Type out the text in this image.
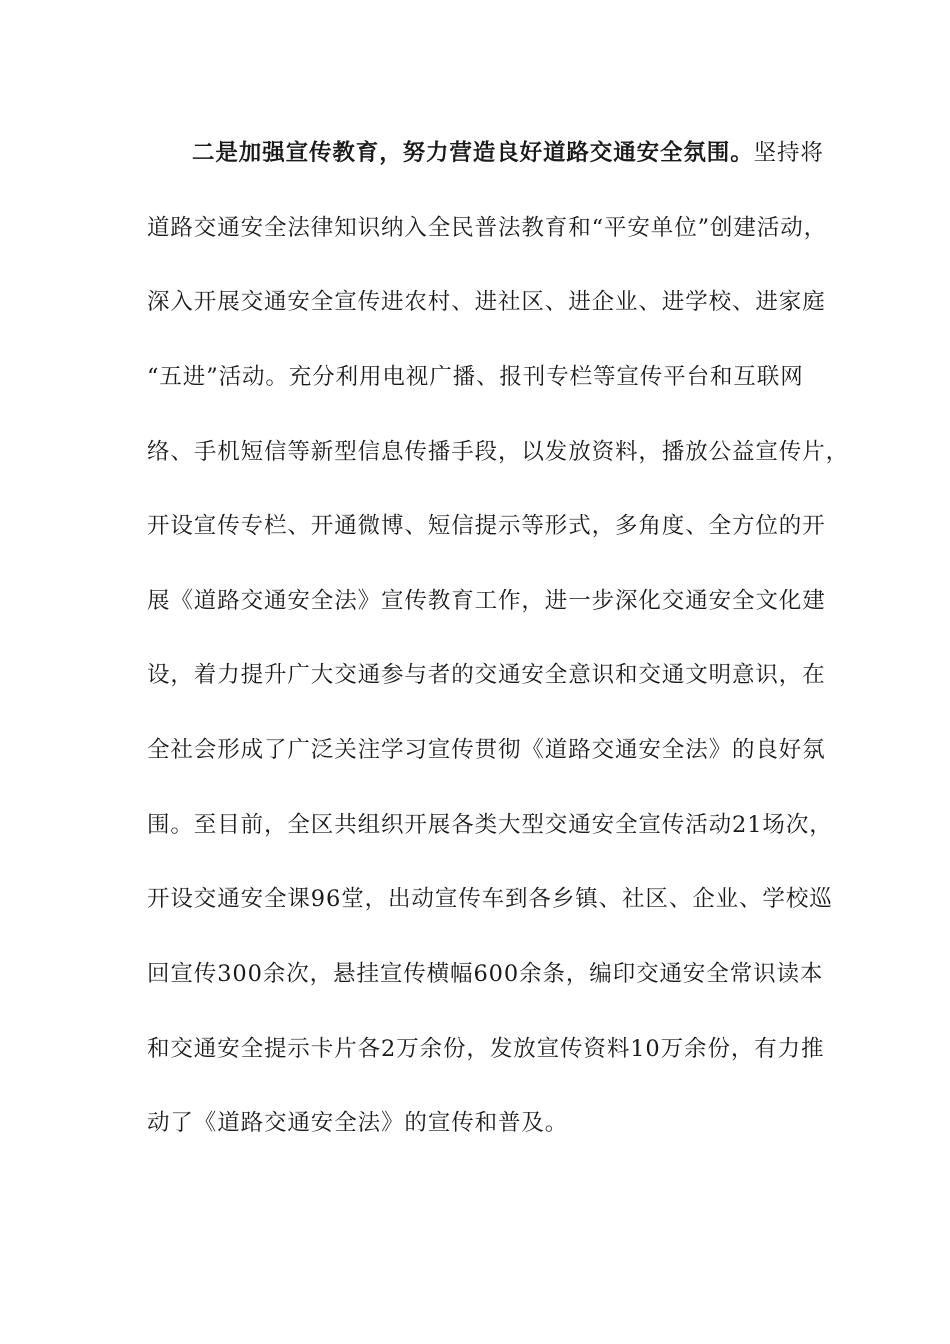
二是加强宣传教育，努力营造良好道路交通安全氛围。坚持将
道路交通安全法律知识纳入全民普法教育和“平安单位”创建活动，
深入开展交通安全宣传进农村、进社区、进企业、进学校、进家庭
“五进”活动。充分利用电视广播、报刊专栏等宣传平台和互联网
络、手机短信等新型信息传播手段，以发放资料，播放公益宣传片，
开设宣传专栏、开通微博、短信提示等形式，多角度、全方位的开
展《道路交通安全法》宣传教育工作，进一步深化交通安全文化建
设，着力提升广大交通参与者的交通安全意识和交通文明意识，在
全社会形成了广泛关注学习宣传贯彻《道路交通安全法》的良好氛
围。至目前，全区共组织开展各类大型交通安全宣传活动21场次，
开设交通安全课96堂，出动宣传车到各乡镇、社区、企业、学校巡
回宣传300余次，悬挂宣传横幅600余条，编印交通安全常识读本
和交通安全提示卡片各2万余份，发放宣传资料10万余份，有力推
动了《道路交通安全法》的宣传和普及。
